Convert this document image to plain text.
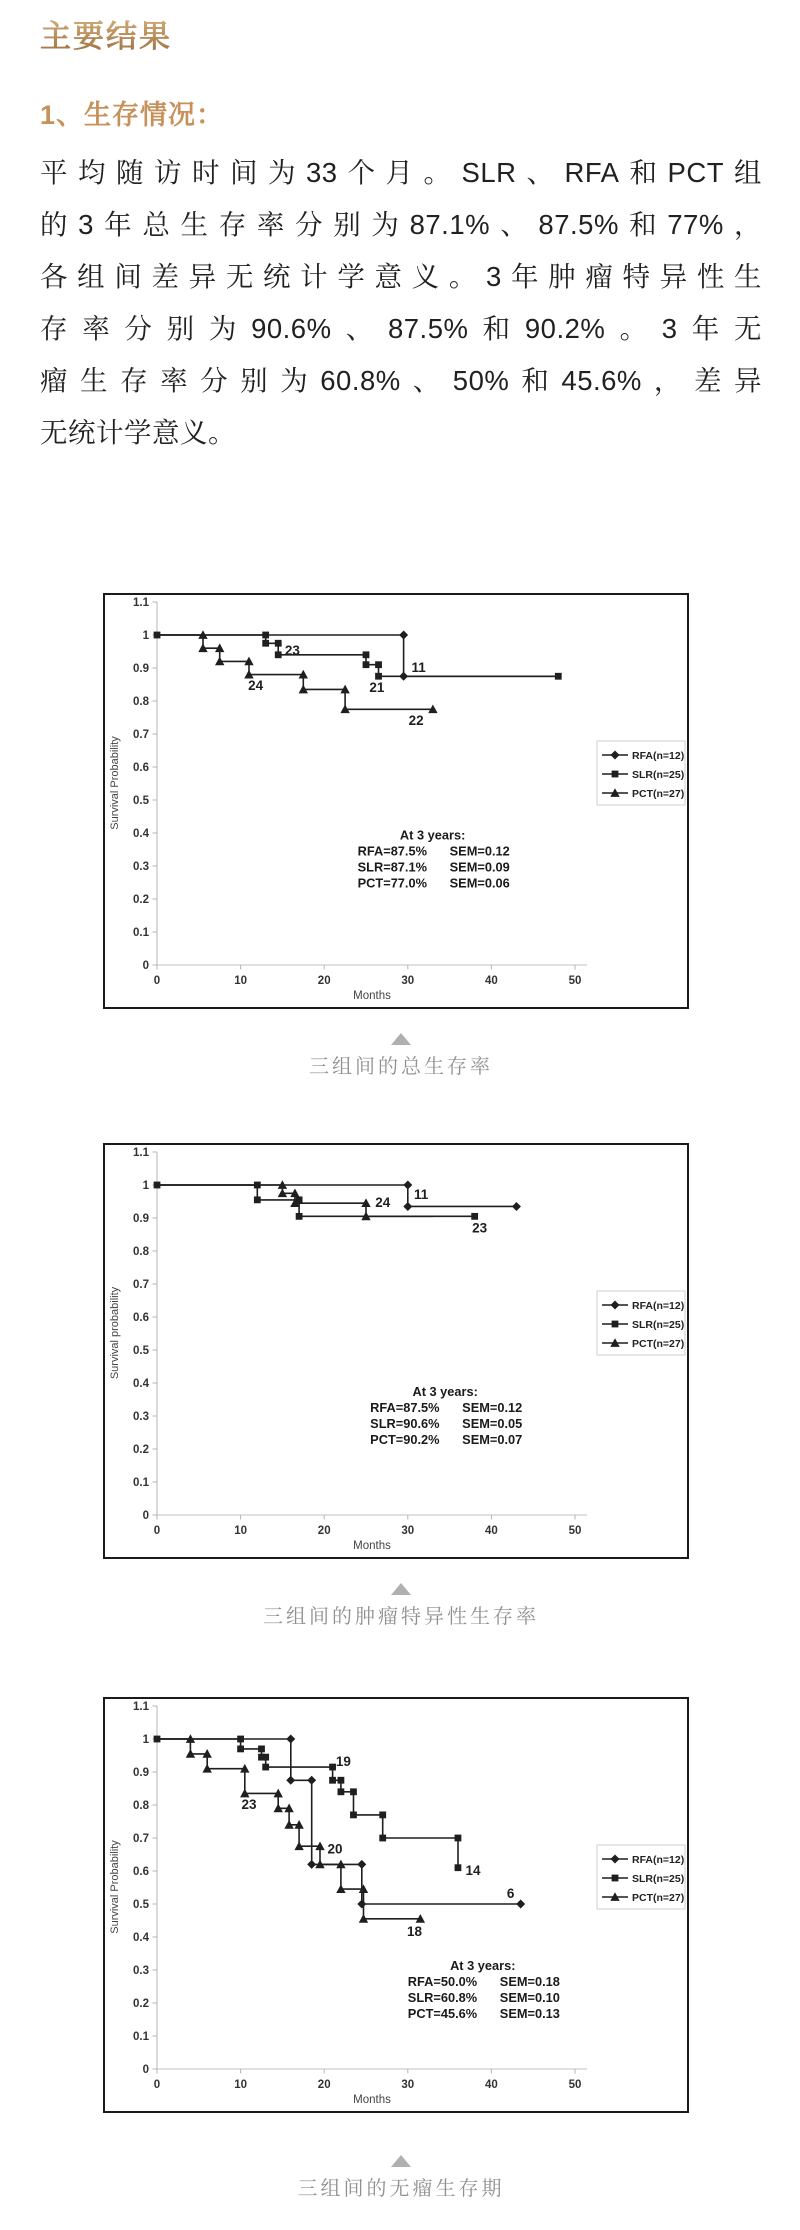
主要结果
1、生存情况：
平均随访时间为33个月。SLR、RFA和PCT组
的3年总生存率分别为87.1%、87.5%和77%，
各组间差异无统计学意义。3年肿瘤特异性生
存率分别为90.6%、87.5%和90.2%。3年无
瘤生存率分别为60.8%、50%和45.6%，差异
无统计学意义。
0
0.1
0.2
0.3
0.4
0.5
0.6
0.7
0.8
0.9
1
1.1
0	10	20	30	40	50
Months
Survival Probability
23
11
24	21
22
RFA(n=12)
SLR(n=25)
PCT(n=27)
At 3 years:
RFA=87.5% SEM=0.12
SLR=87.1% SEM=0.09
PCT=77.0% SEM=0.06
三组间的总生存率
0
0.1
0.2
0.3
0.4
0.5
0.6
0.7
0.8
0.9
1
1.1
0	10	20	30	40	50
Months
Survival probability
11
24
23
RFA(n=12)
SLR(n=25)
PCT(n=27)
At 3 years:
RFA=87.5% SEM=0.12
SLR=90.6% SEM=0.05
PCT=90.2% SEM=0.07
三组间的肿瘤特异性生存率
0
0.1
0.2
0.3
0.4
0.5
0.6
0.7
0.8
0.9
1
1.1
0	10	20	30	40	50
Months
Survival Probability
19
23
20
14
6
18
RFA(n=12)
SLR(n=25)
PCT(n=27)
At 3 years:
RFA=50.0% SEM=0.18
SLR=60.8% SEM=0.10
PCT=45.6% SEM=0.13
三组间的无瘤生存期
